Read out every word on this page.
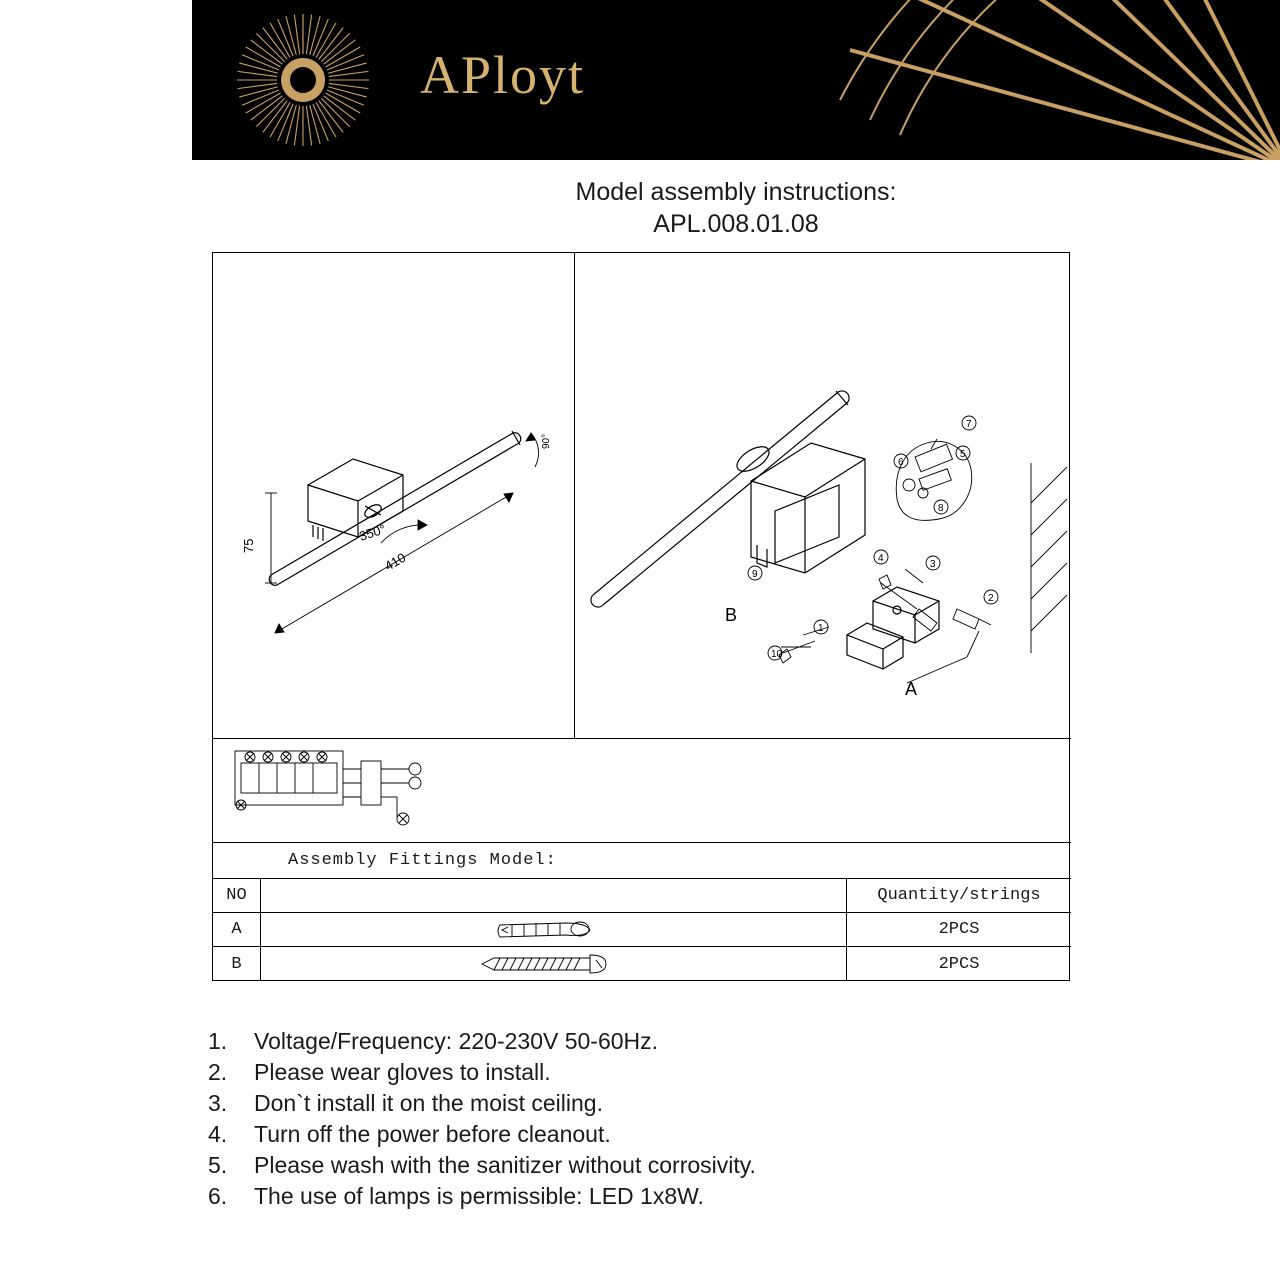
APloyt
Model assembly instructions:
APL.008.01.08
75
410
350°
90°
1
2
3
4
5
6
7
8
9
10
A
B
Assembly Fittings Model:
NO	Quantity/strings
A	2PCS
B	2PCS
1.	Voltage/Frequency: 220-230V 50-60Hz.
2.	Please wear gloves to install.
3.	Don`t install it on the moist ceiling.
4.	Turn off the power before cleanout.
5.	Please wash with the sanitizer without corrosivity.
6.	The use of lamps is permissible: LED 1x8W.
